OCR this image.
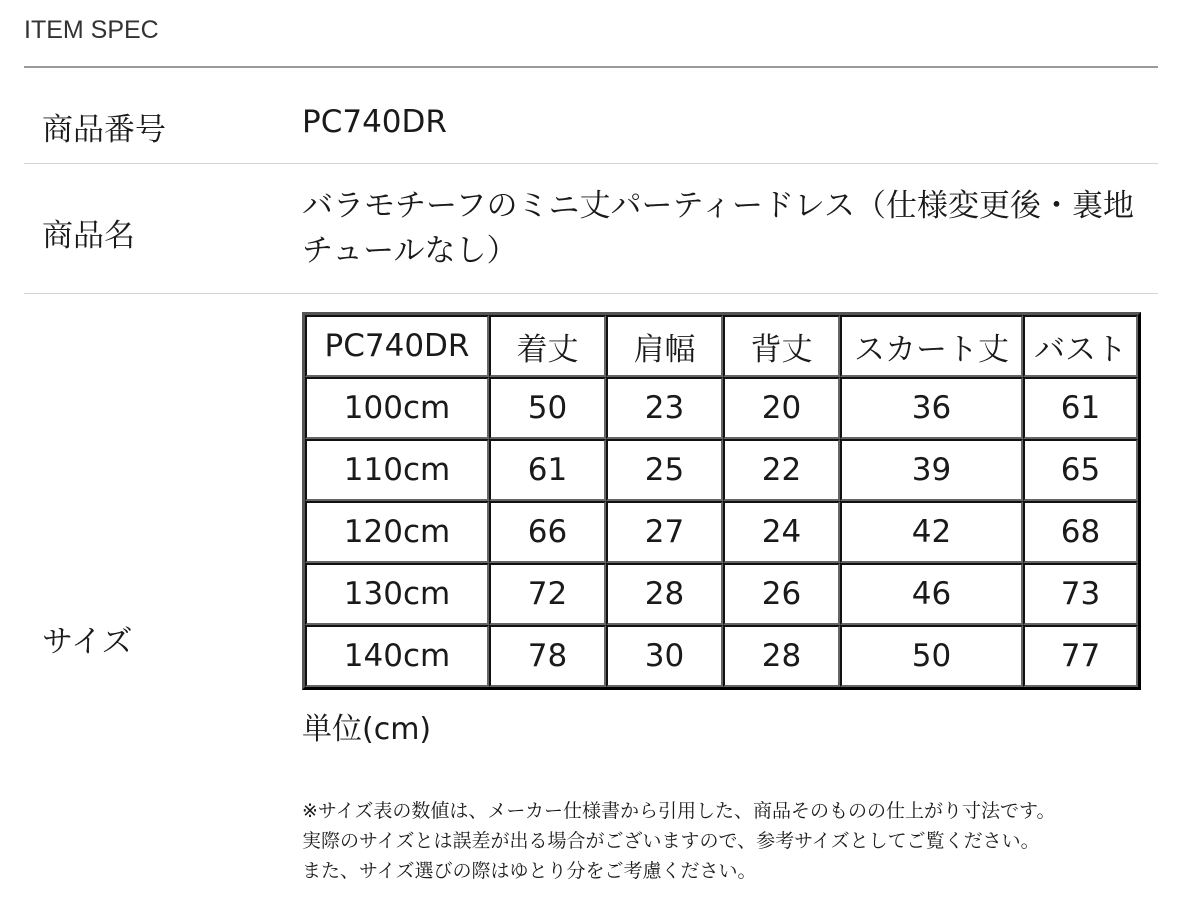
ITEM SPEC
商品番号	PC740DR
商品名
バラモチーフのミニ丈パーティードレス（仕様変更後・裏地チュールなし）
サイズ
PC740DR	着丈	肩幅	背丈	スカート丈	バスト
100cm	50	23	20	36	61
110cm	61	25	22	39	65
120cm	66	27	24	42	68
130cm	72	28	26	46	73
140cm	78	30	28	50	77
単位(cm)
※サイズ表の数値は、メーカー仕様書から引用した、商品そのものの仕上がり寸法です。
実際のサイズとは誤差が出る場合がございますので、参考サイズとしてご覧ください。
また、サイズ選びの際はゆとり分をご考慮ください。
